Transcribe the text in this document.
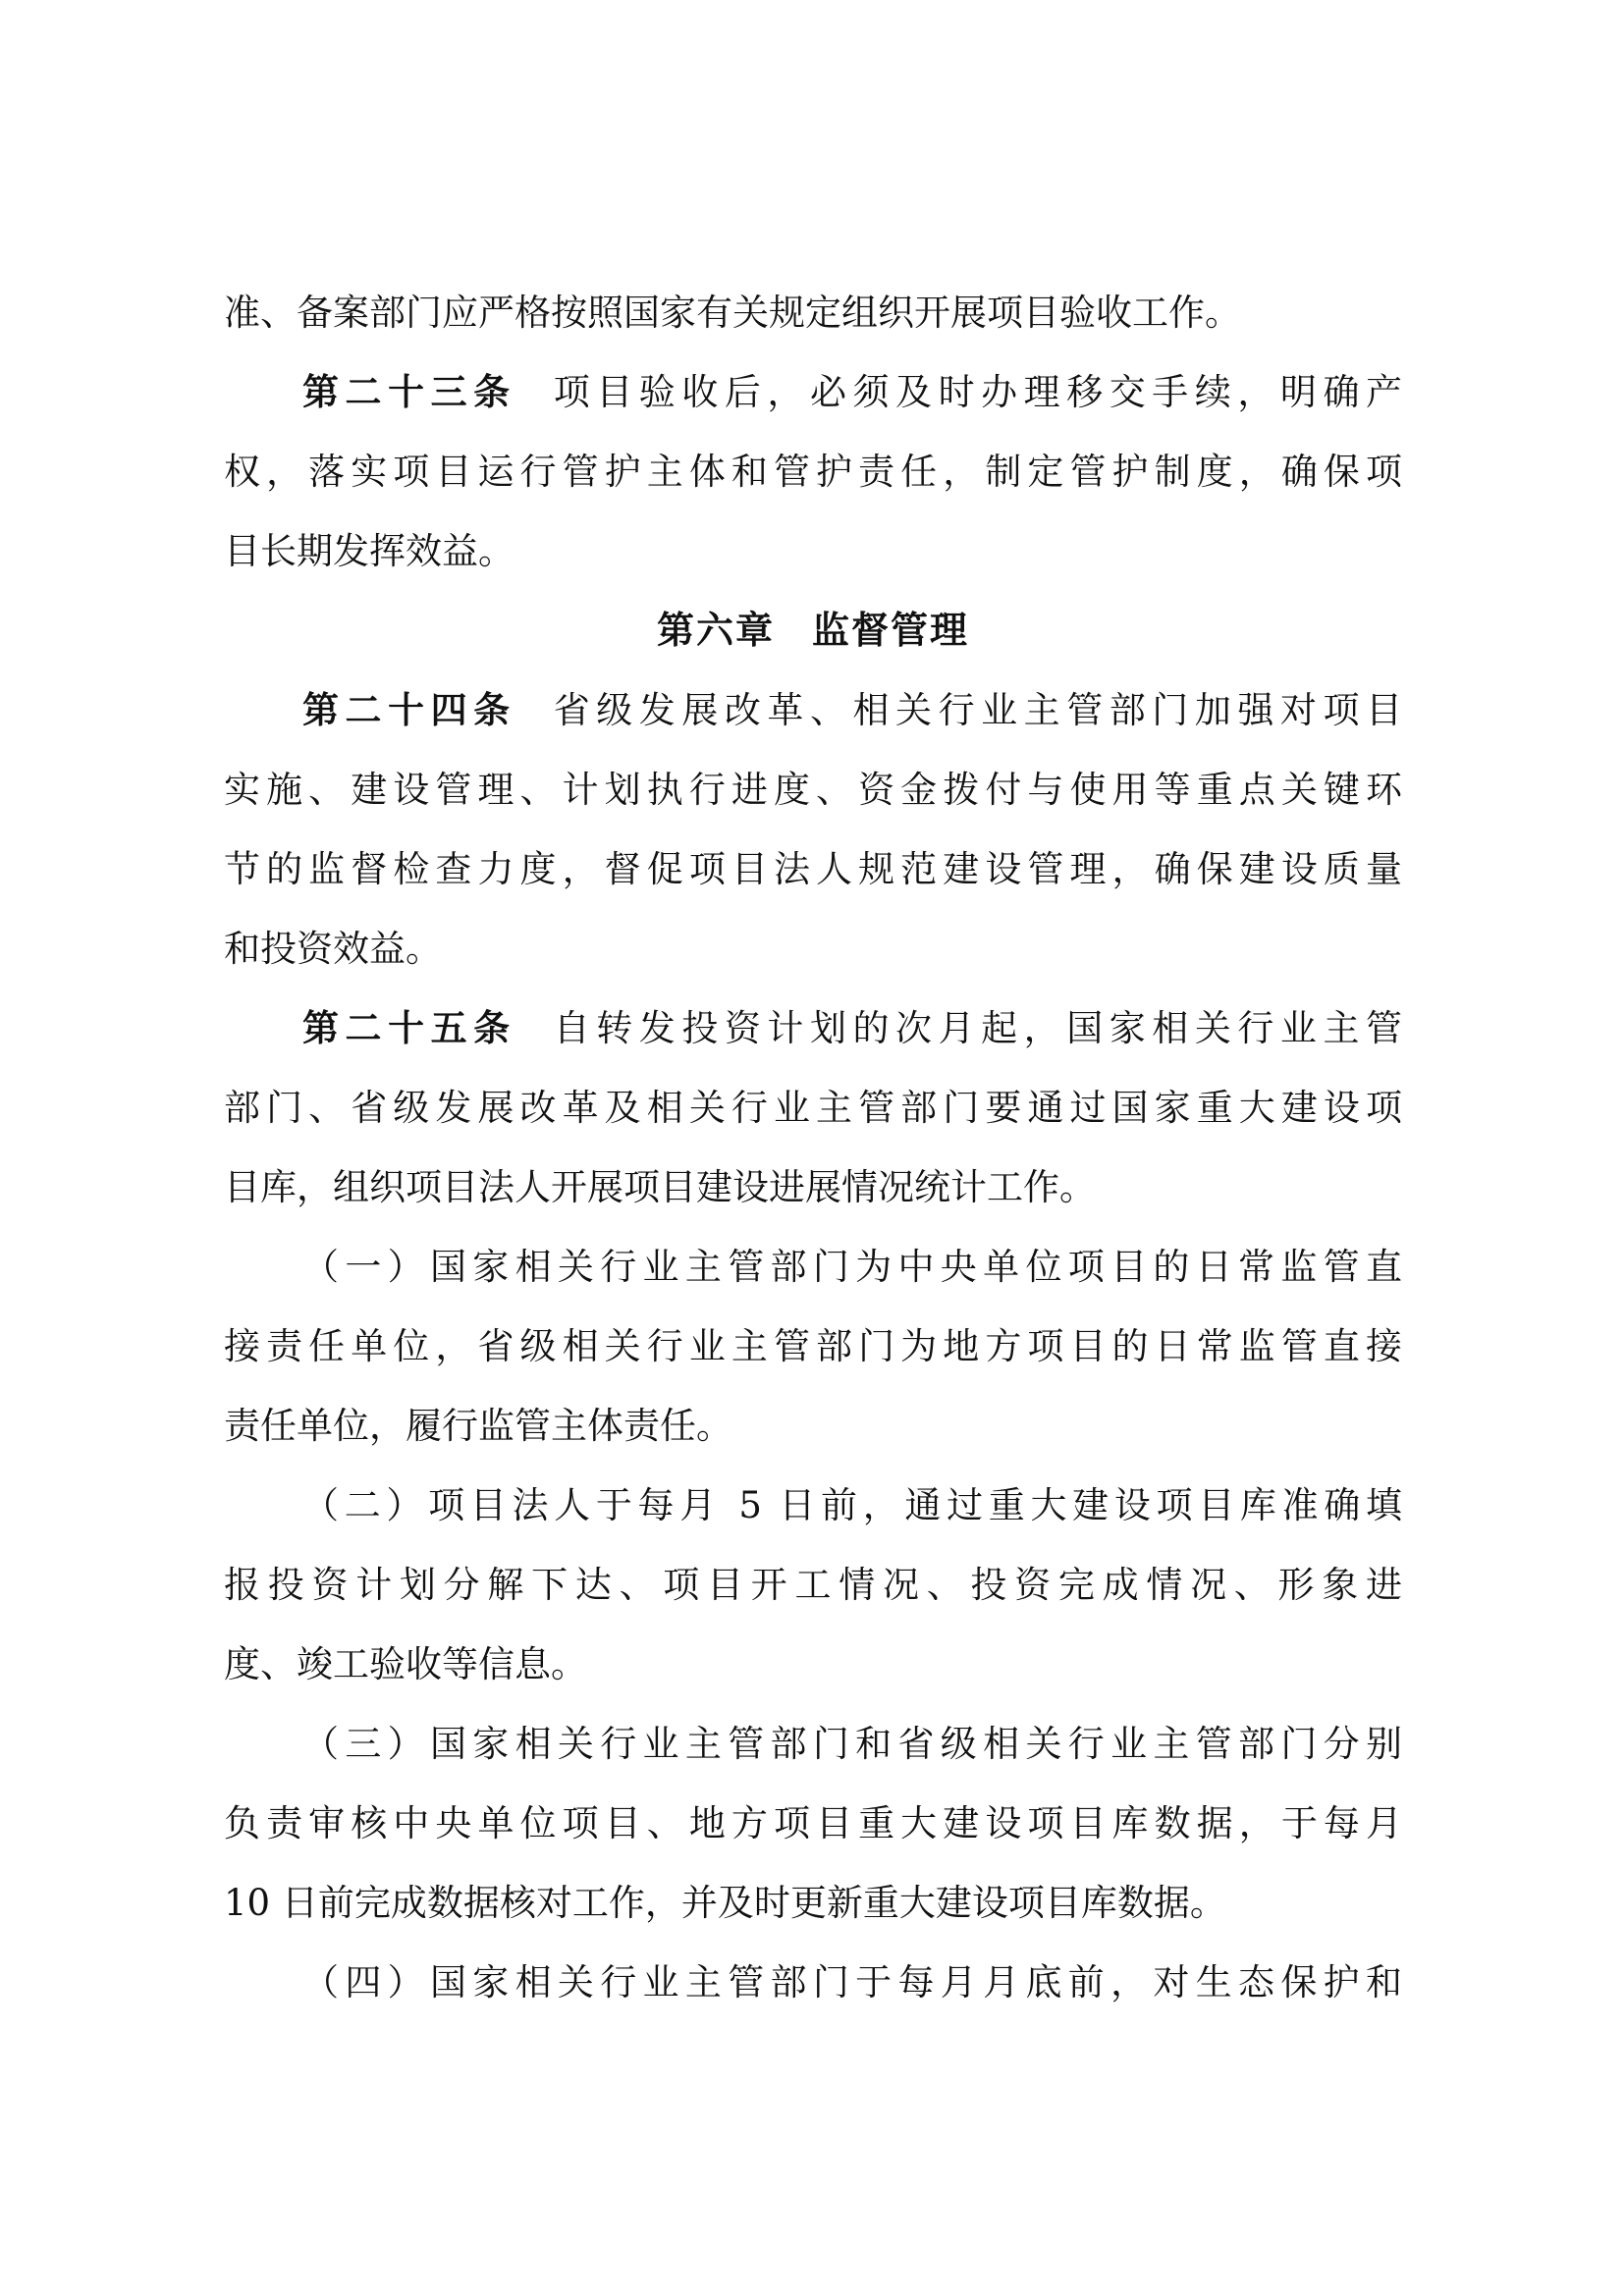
准、备案部门应严格按照国家有关规定组织开展项目验收工作。
第二十三条 项目验收后，必须及时办理移交手续，明确产
权，落实项目运行管护主体和管护责任，制定管护制度，确保项
目长期发挥效益。
第六章 监督管理
第二十四条 省级发展改革、相关行业主管部门加强对项目
实施、建设管理、计划执行进度、资金拨付与使用等重点关键环
节的监督检查力度，督促项目法人规范建设管理，确保建设质量
和投资效益。
第二十五条 自转发投资计划的次月起，国家相关行业主管
部门、省级发展改革及相关行业主管部门要通过国家重大建设项
目库，组织项目法人开展项目建设进展情况统计工作。
（一）国家相关行业主管部门为中央单位项目的日常监管直
接责任单位，省级相关行业主管部门为地方项目的日常监管直接
责任单位，履行监管主体责任。
（二）项目法人于每月 5 日前，通过重大建设项目库准确填
报投资计划分解下达、项目开工情况、投资完成情况、形象进
度、竣工验收等信息。
（三）国家相关行业主管部门和省级相关行业主管部门分别
负责审核中央单位项目、地方项目重大建设项目库数据，于每月
10 日前完成数据核对工作，并及时更新重大建设项目库数据。
（四）国家相关行业主管部门于每月月底前，对生态保护和
